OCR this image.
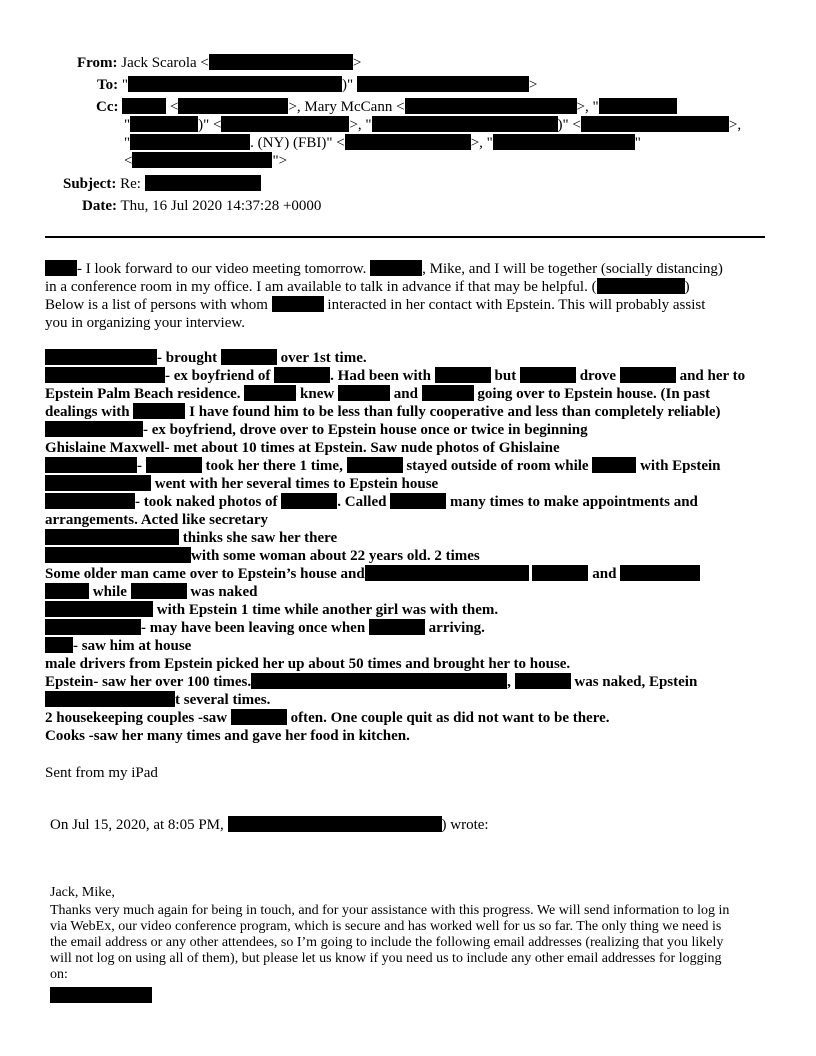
From: Jack Scarola <	>
To: "	)"	>
Cc:	<	>, Mary McCann <	>, "
"	)" <	>, "	)" <	>,
"	. (NY) (FBI)" <	>, "	"
<	">
Subject: Re:
Date: Thu, 16 Jul 2020 14:37:28 +0000
- I look forward to our video meeting tomorrow.	, Mike, and I will be together (socially distancing)
in a conference room in my office. I am available to talk in advance if that may be helpful. (	)
Below is a list of persons with whom	interacted in her contact with Epstein. This will probably assist
you in organizing your interview.
- brought	over 1st time.
- ex boyfriend of	. Had been with	but	drove	and her to
Epstein Palm Beach residence.	knew	and	going over to Epstein house. (In past
dealings with	I have found him to be less than fully cooperative and less than completely reliable)
- ex boyfriend, drove over to Epstein house once or twice in beginning
Ghislaine Maxwell- met about 10 times at Epstein. Saw nude photos of Ghislaine
-	took her there 1 time,	stayed outside of room while	with Epstein
went with her several times to Epstein house
- took naked photos of	. Called	many times to make appointments and
arrangements. Acted like secretary
thinks she saw her there
with some woman about 22 years old. 2 times
Some older man came over to Epstein’s house and	and
while	was naked
with Epstein 1 time while another girl was with them.
- may have been leaving once when	arriving.
- saw him at house
male drivers from Epstein picked her up about 50 times and brought her to house.
Epstein- saw her over 100 times.	,	was naked, Epstein
t several times.
2 housekeeping couples -saw	often. One couple quit as did not want to be there.
Cooks -saw her many times and gave her food in kitchen.
Sent from my iPad
On Jul 15, 2020, at 8:05 PM,	) wrote:
Jack, Mike,
Thanks very much again for being in touch, and for your assistance with this progress. We will send information to log in
via WebEx, our video conference program, which is secure and has worked well for us so far. The only thing we need is
the email address or any other attendees, so I’m going to include the following email addresses (realizing that you likely
will not log on using all of them), but please let us know if you need us to include any other email addresses for logging
on:
